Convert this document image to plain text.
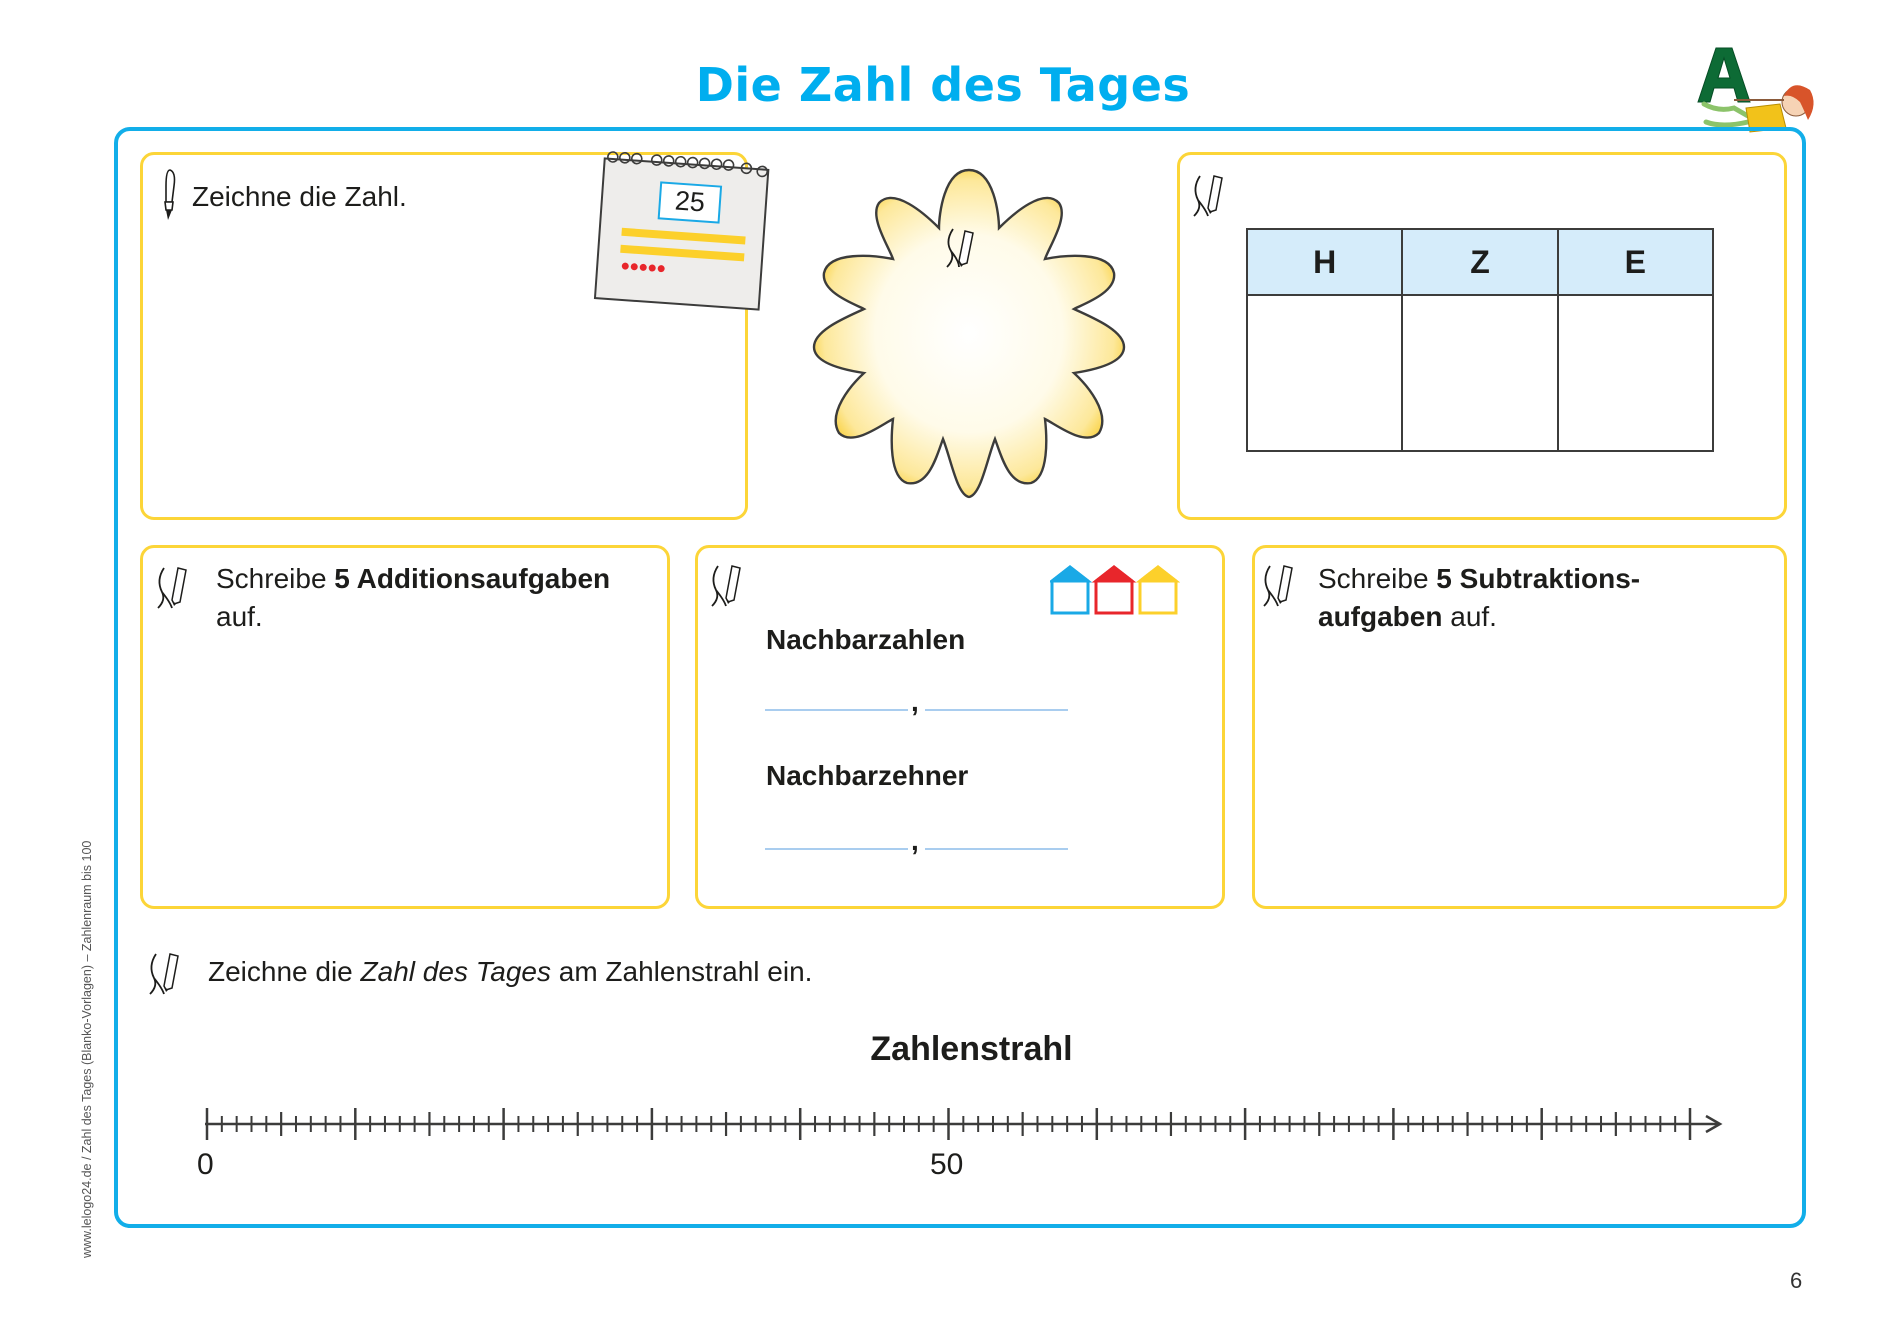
Die Zahl des Tages
Zeichne die Zahl.	25
H	Z	E

Schreibe 5 Additionsaufgaben
auf.
Nachbarzahlen
,
Nachbarzehner
,
Schreibe 5 Subtraktions-
aufgaben auf.
Zeichne die Zahl des Tages am Zahlenstrahl ein.
Zahlenstrahl
0	50
www.lelogo24.de / Zahl des Tages (Blanko-Vorlagen) – Zahlenraum bis 100
6
